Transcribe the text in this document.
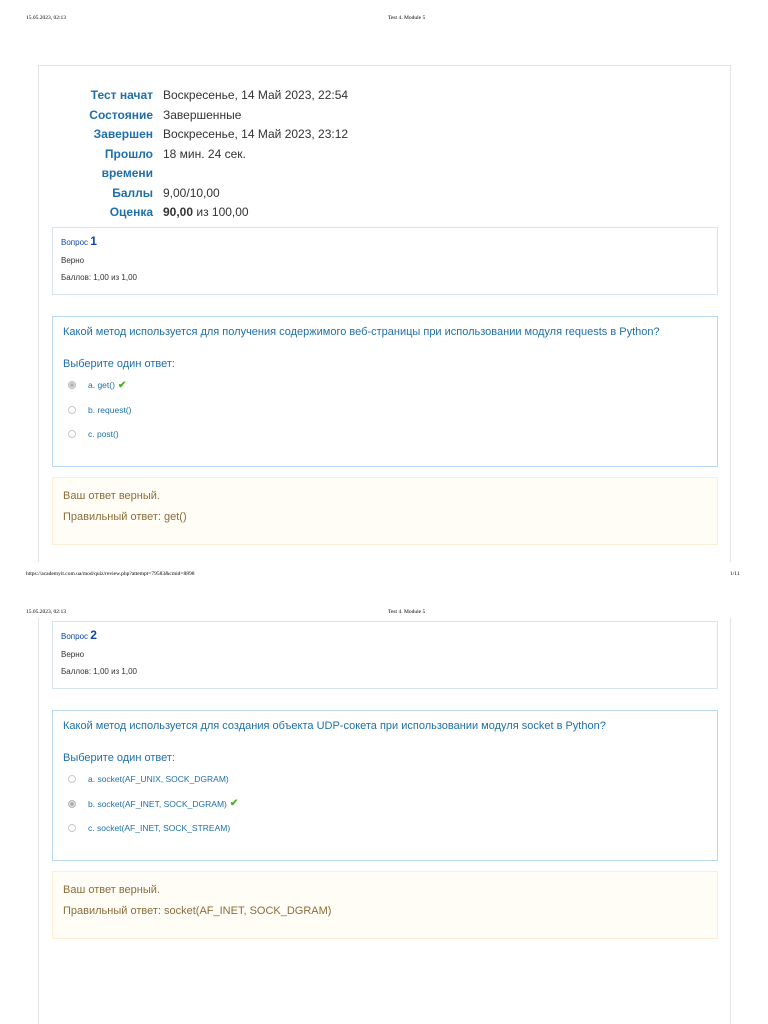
15.05.2023, 02:13	Test 4. Module 5
Тест начат Воскресенье, 14 Май 2023, 22:54
Состояние Завершенные
Завершен Воскресенье, 14 Май 2023, 23:12
Прошло
времени
18 мин. 24 сек.
Баллы 9,00/10,00
Оценка 90,00 из 100,00
Вопрос 1
Верно
Баллов: 1,00 из 1,00
Какой метод используется для получения содержимого веб-страницы при использовании модуля requests в Python?
Выберите один ответ:
a. get() ✔
b. request()
c. post()
Ваш ответ верный.
Правильный ответ: get()
https://academyit.com.ua/mod/quiz/review.php?attempt=79583&cmid=8898	1/11
15.05.2023, 02:13	Test 4. Module 5
Вопрос 2
Верно
Баллов: 1,00 из 1,00
Какой метод используется для создания объекта UDP-сокета при использовании модуля socket в Python?
Выберите один ответ:
a. socket(AF_UNIX, SOCK_DGRAM)
b. socket(AF_INET, SOCK_DGRAM) ✔
c. socket(AF_INET, SOCK_STREAM)
Ваш ответ верный.
Правильный ответ: socket(AF_INET, SOCK_DGRAM)
